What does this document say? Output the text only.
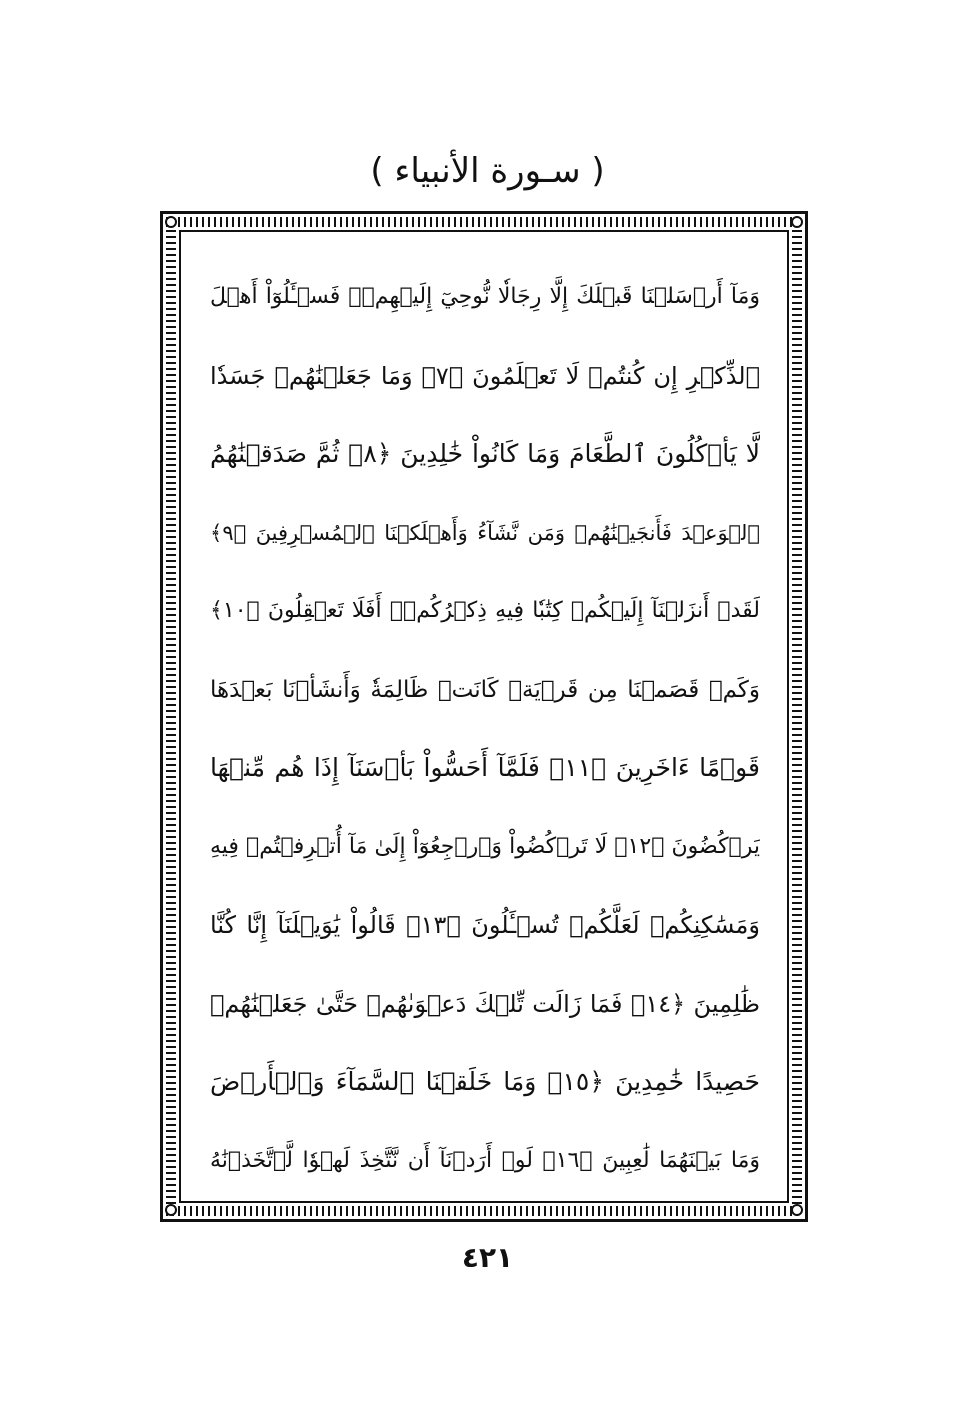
( سـورة الأنبياء )
وَمَآ أَرۡسَلۡنَا قَبۡلَكَ إِلَّا رِجَالٗا نُّوحِيٓ إِلَيۡهِمۡۖ فَسۡـَٔلُوٓاْ أَهۡلَ
ٱلذِّكۡرِ إِن كُنتُمۡ لَا تَعۡلَمُونَ ﴿٧﴾ وَمَا جَعَلۡنَٰهُمۡ جَسَدٗا
لَّا يَأۡكُلُونَ ٱلطَّعَامَ وَمَا كَانُواْ خَٰلِدِينَ ﴿٨﴾ ثُمَّ صَدَقۡنَٰهُمُ
ٱلۡوَعۡدَ فَأَنجَيۡنَٰهُمۡ وَمَن نَّشَآءُ وَأَهۡلَكۡنَا ٱلۡمُسۡرِفِينَ ﴿٩﴾
لَقَدۡ أَنزَلۡنَآ إِلَيۡكُمۡ كِتَٰبٗا فِيهِ ذِكۡرُكُمۡۚ أَفَلَا تَعۡقِلُونَ ﴿١٠﴾
وَكَمۡ قَصَمۡنَا مِن قَرۡيَةٖ كَانَتۡ ظَالِمَةٗ وَأَنشَأۡنَا بَعۡدَهَا
قَوۡمًا ءَاخَرِينَ ﴿١١﴾ فَلَمَّآ أَحَسُّواْ بَأۡسَنَآ إِذَا هُم مِّنۡهَا
يَرۡكُضُونَ ﴿١٢﴾ لَا تَرۡكُضُواْ وَٱرۡجِعُوٓاْ إِلَىٰ مَآ أُتۡرِفۡتُمۡ فِيهِ
وَمَسَٰكِنِكُمۡ لَعَلَّكُمۡ تُسۡـَٔلُونَ ﴿١٣﴾ قَالُواْ يَٰوَيۡلَنَآ إِنَّا كُنَّا
ظَٰلِمِينَ ﴿١٤﴾ فَمَا زَالَت تِّلۡكَ دَعۡوَىٰهُمۡ حَتَّىٰ جَعَلۡنَٰهُمۡ
حَصِيدًا خَٰمِدِينَ ﴿١٥﴾ وَمَا خَلَقۡنَا ٱلسَّمَآءَ وَٱلۡأَرۡضَ
وَمَا بَيۡنَهُمَا لَٰعِبِينَ ﴿١٦﴾ لَوۡ أَرَدۡنَآ أَن نَّتَّخِذَ لَهۡوٗا لَّٱتَّخَذۡنَٰهُ
٤٢١
